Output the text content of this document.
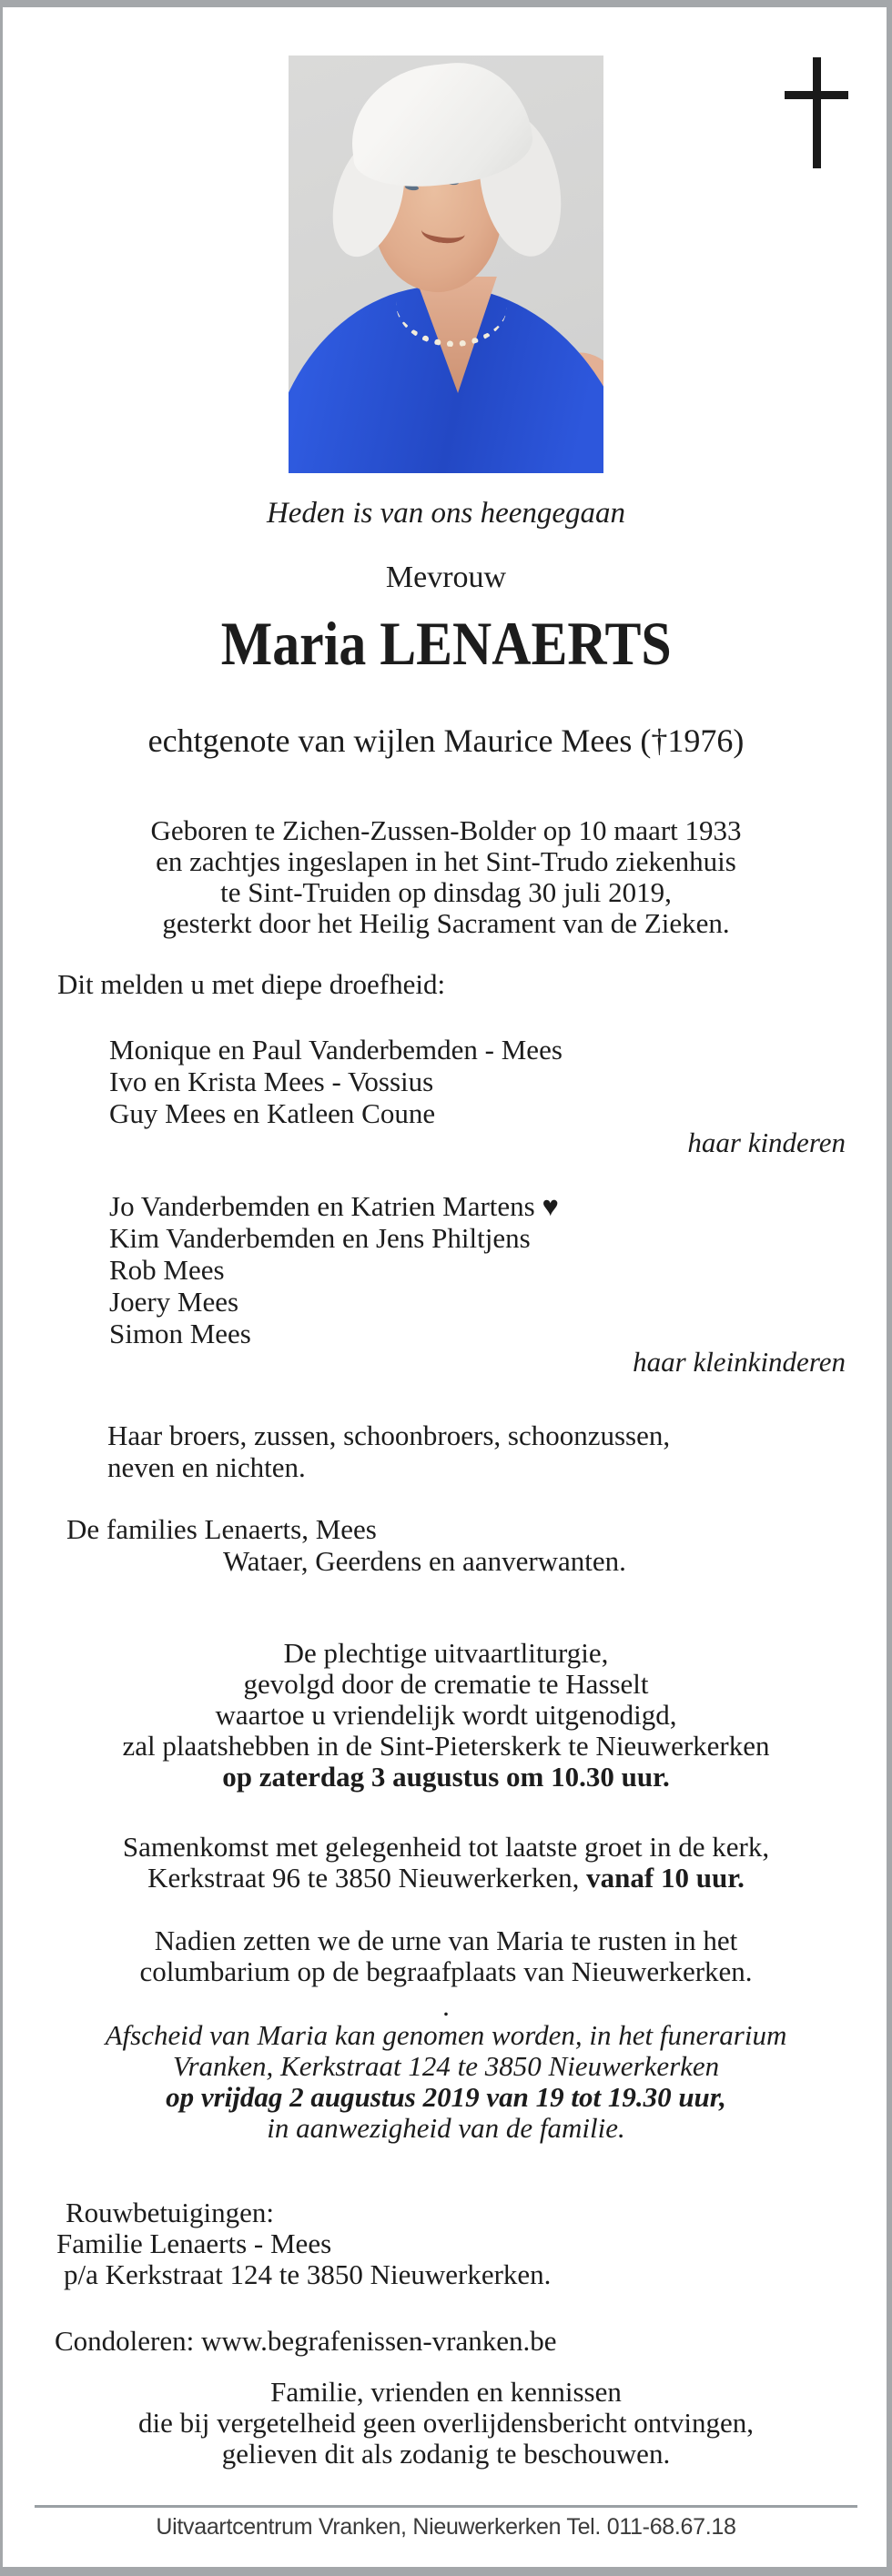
Heden is van ons heengegaan
Mevrouw
Maria LENAERTS
echtgenote van wijlen Maurice Mees (†1976)
Geboren te Zichen-Zussen-Bolder op 10 maart 1933
en zachtjes ingeslapen in het Sint-Trudo ziekenhuis
te Sint-Truiden op dinsdag 30 juli 2019,
gesterkt door het Heilig Sacrament van de Zieken.
Dit melden u met diepe droefheid:
Monique en Paul Vanderbemden - Mees
Ivo en Krista Mees - Vossius
Guy Mees en Katleen Coune
haar kinderen
Jo Vanderbemden en Katrien Martens ♥
Kim Vanderbemden en Jens Philtjens
Rob Mees
Joery Mees
Simon Mees
haar kleinkinderen
Haar broers, zussen, schoonbroers, schoonzussen,
neven en nichten.
De families Lenaerts, Mees
Wataer, Geerdens en aanverwanten.
De plechtige uitvaartliturgie,
gevolgd door de crematie te Hasselt
waartoe u vriendelijk wordt uitgenodigd,
zal plaatshebben in de Sint-Pieterskerk te Nieuwerkerken
op zaterdag 3 augustus om 10.30 uur.
Samenkomst met gelegenheid tot laatste groet in de kerk,
Kerkstraat 96 te 3850 Nieuwerkerken, vanaf 10 uur.
Nadien zetten we de urne van Maria te rusten in het
columbarium op de begraafplaats van Nieuwerkerken.
.
Afscheid van Maria kan genomen worden, in het funerarium
Vranken, Kerkstraat 124 te 3850 Nieuwerkerken
op vrijdag 2 augustus 2019 van 19 tot 19.30 uur,
in aanwezigheid van de familie.
Rouwbetuigingen:
Familie Lenaerts - Mees
p/a Kerkstraat 124 te 3850 Nieuwerkerken.
Condoleren: www.begrafenissen-vranken.be
Familie, vrienden en kennissen
die bij vergetelheid geen overlijdensbericht ontvingen,
gelieven dit als zodanig te beschouwen.
Uitvaartcentrum Vranken, Nieuwerkerken Tel. 011-68.67.18
